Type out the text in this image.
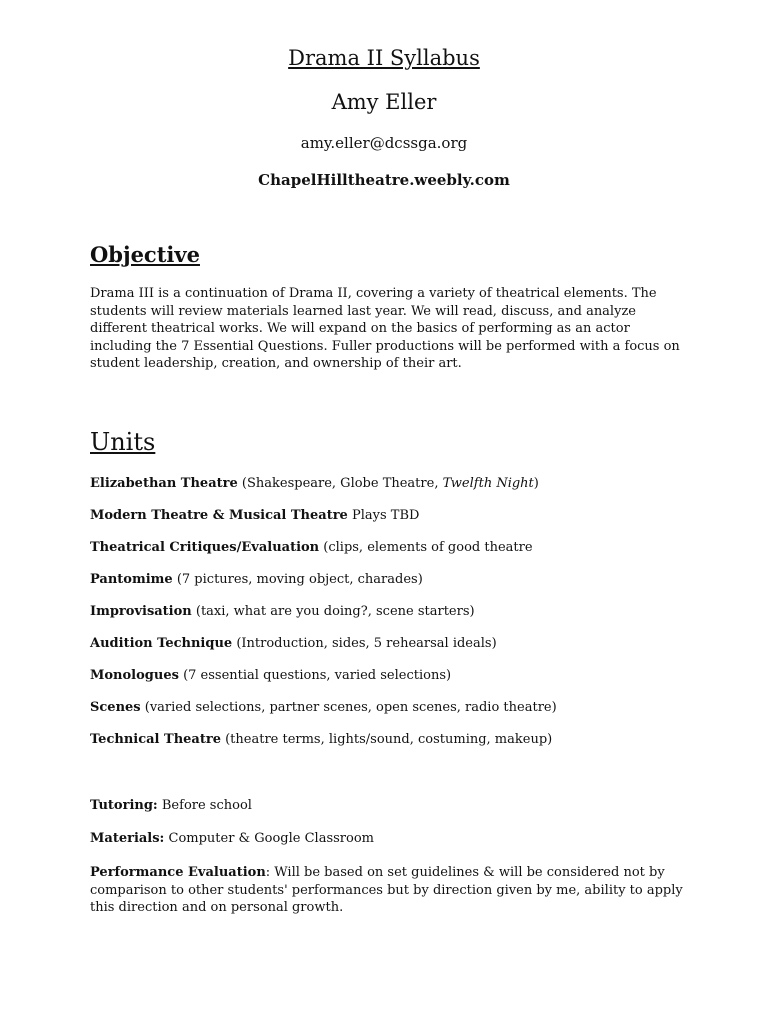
Drama II Syllabus
Amy Eller
amy.eller@dcssga.org
ChapelHilltheatre.weebly.com
Objective

Drama III is a continuation of Drama II, covering a variety of theatrical elements. The students will review materials learned last year. We will read, discuss, and analyze different theatrical works. We will expand on the basics of performing as an actor including the 7 Essential Questions. Fuller productions will be performed with a focus on student leadership, creation, and ownership of their art.

Units

Elizabethan Theatre (Shakespeare, Globe Theatre, Twelfth Night)

Modern Theatre & Musical Theatre Plays TBD

Theatrical Critiques/Evaluation (clips, elements of good theatre

Pantomime (7 pictures, moving object, charades)

Improvisation (taxi, what are you doing?, scene starters)

Audition Technique (Introduction, sides, 5 rehearsal ideals)

Monologues (7 essential questions, varied selections)

Scenes (varied selections, partner scenes, open scenes, radio theatre)

Technical Theatre (theatre terms, lights/sound, costuming, makeup)

Tutoring: Before school

Materials: Computer & Google Classroom

Performance Evaluation: Will be based on set guidelines & will be considered not by comparison to other students' performances but by direction given by me, ability to apply this direction and on personal growth.
